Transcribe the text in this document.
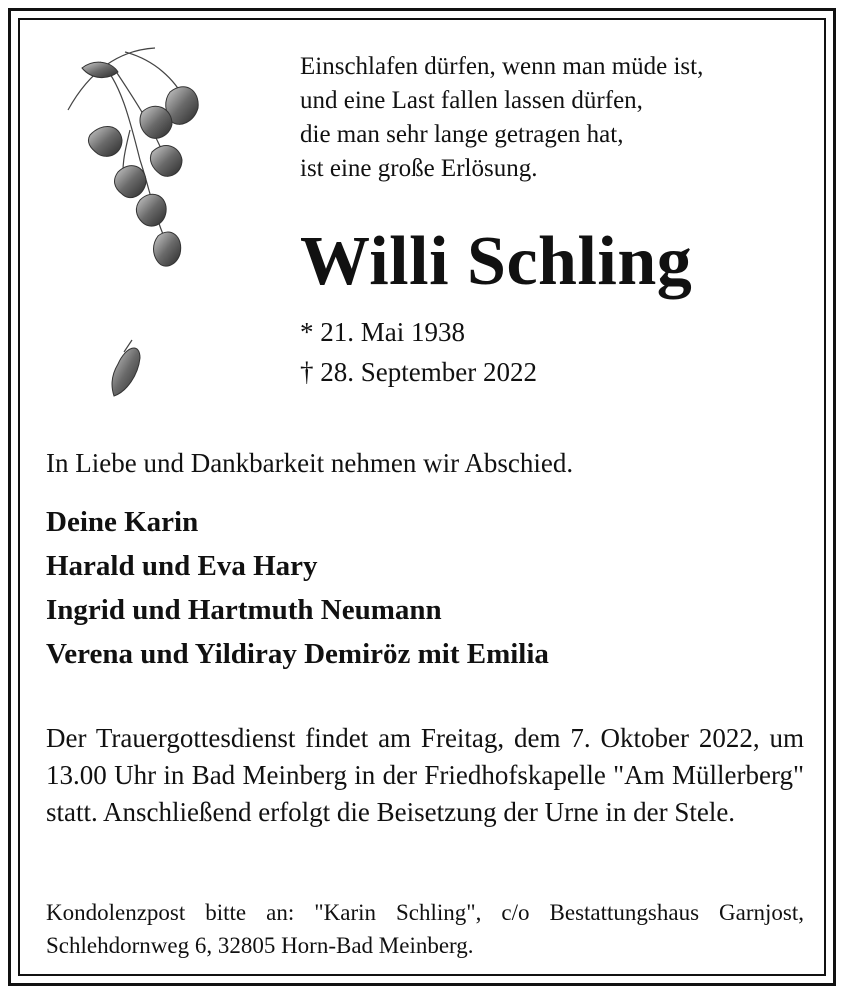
Einschlafen dürfen, wenn man müde ist,
und eine Last fallen lassen dürfen,
die man sehr lange getragen hat,
ist eine große Erlösung.
Willi Schling
* 21. Mai 1938
† 28. September 2022
In Liebe und Dankbarkeit nehmen wir Abschied.
Deine Karin
Harald und Eva Hary
Ingrid und Hartmuth Neumann
Verena und Yildiray Demiröz mit Emilia
Der Trauergottesdienst findet am Freitag, dem 7. Oktober 2022, um 13.00 Uhr in Bad Meinberg in der Friedhofskapelle "Am Müllerberg" statt. Anschließend erfolgt die Beisetzung der Urne in der Stele.
Kondolenzpost bitte an: "Karin Schling", c/o Bestattungshaus Garnjost, Schlehdornweg 6, 32805 Horn-Bad Meinberg.
